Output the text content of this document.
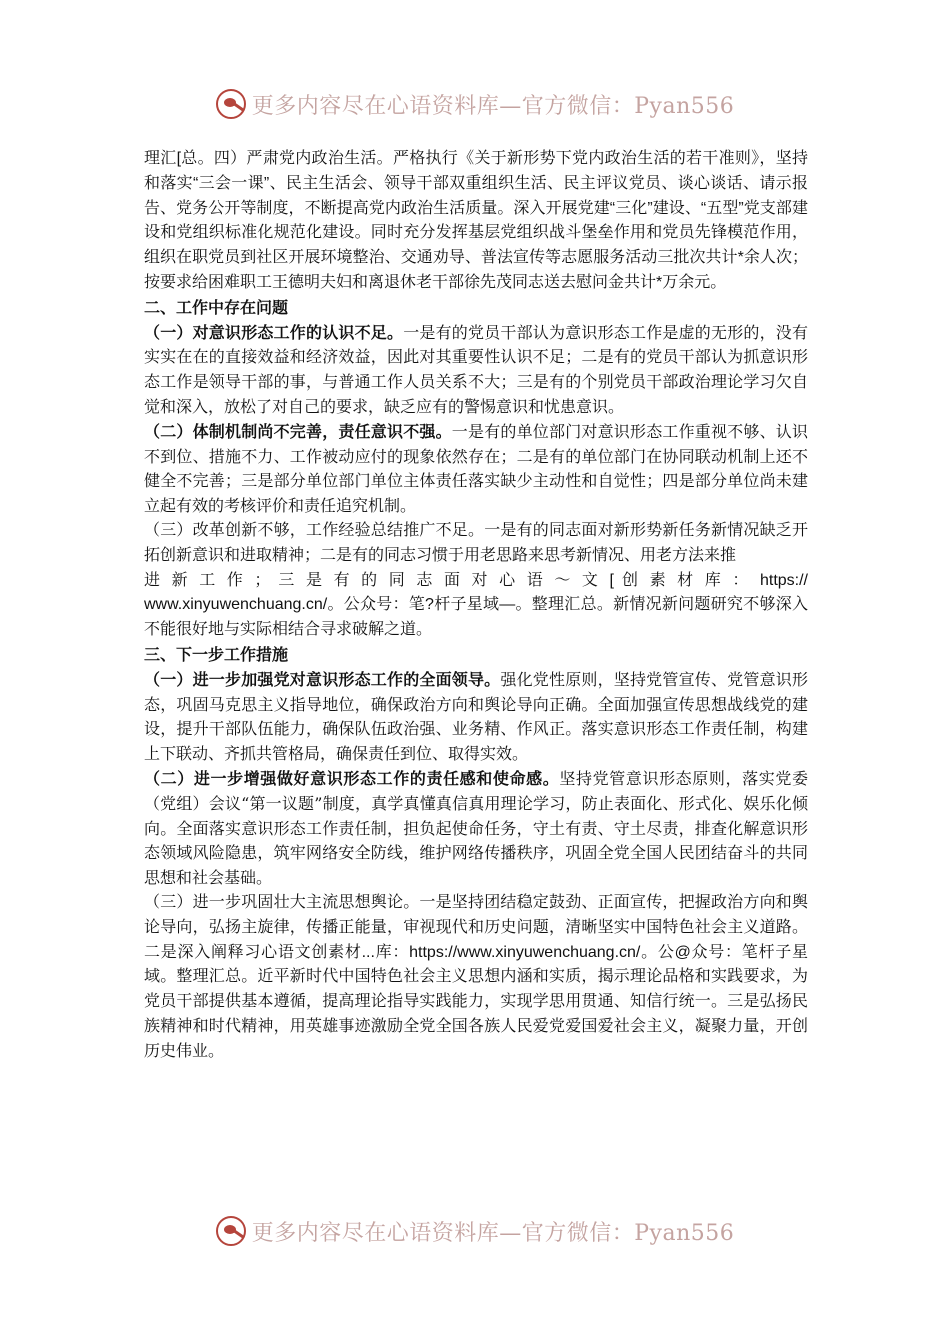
更多内容尽在心语资料库—官方微信：Pyan556

理汇[总。四）严肃党内政治生活。严格执行《关于新形势下党内政治生活的若干准则》，坚持和落实“三会一课”、民主生活会、领导干部双重组织生活、民主评议党员、谈心谈话、请示报告、党务公开等制度，不断提高党内政治生活质量。深入开展党建“三化”建设、“五型”党支部建设和党组织标准化规范化建设。同时充分发挥基层党组织战斗堡垒作用和党员先锋模范作用，组织在职党员到社区开展环境整治、交通劝导、普法宣传等志愿服务活动三批次共计*余人次；按要求给困难职工王德明夫妇和离退休老干部徐先茂同志送去慰问金共计*万余元。

二、工作中存在问题

（一）对意识形态工作的认识不足。一是有的党员干部认为意识形态工作是虚的无形的，没有实实在在的直接效益和经济效益，因此对其重要性认识不足；二是有的党员干部认为抓意识形态工作是领导干部的事，与普通工作人员关系不大；三是有的个别党员干部政治理论学习欠自觉和深入，放松了对自己的要求，缺乏应有的警惕意识和忧患意识。

（二）体制机制尚不完善，责任意识不强。一是有的单位部门对意识形态工作重视不够、认识不到位、措施不力、工作被动应付的现象依然存在；二是有的单位部门在协同联动机制上还不健全不完善；三是部分单位部门单位主体责任落实缺少主动性和自觉性；四是部分单位尚未建立起有效的考核评价和责任追究机制。

（三）改革创新不够，工作经验总结推广不足。一是有的同志面对新形势新任务新情况缺乏开拓创新意识和进取精神；二是有的同志习惯于用老思路来思考新情况、用老方法来推

进 新 工 作 ； 三 是 有 的 同 志 面 对 心 语 ～ 文 [ 创 素 材 库 ： https://

www.xinyuwenchuang.cn/。公众号：笔?杆子星域—。整理汇总。新情况新问题研究不够深入不能很好地与实际相结合寻求破解之道。

三、下一步工作措施

（一）进一步加强党对意识形态工作的全面领导。强化党性原则，坚持党管宣传、党管意识形态，巩固马克思主义指导地位，确保政治方向和舆论导向正确。全面加强宣传思想战线党的建设，提升干部队伍能力，确保队伍政治强、业务精、作风正。落实意识形态工作责任制，构建上下联动、齐抓共管格局，确保责任到位、取得实效。

（二）进一步增强做好意识形态工作的责任感和使命感。坚持党管意识形态原则，落实党委（党组）会议“第一议题”制度，真学真懂真信真用理论学习，防止表面化、形式化、娱乐化倾向。全面落实意识形态工作责任制，担负起使命任务，守土有责、守土尽责，排查化解意识形态领域风险隐患，筑牢网络安全防线，维护网络传播秩序，巩固全党全国人民团结奋斗的共同思想和社会基础。

（三）进一步巩固壮大主流思想舆论。一是坚持团结稳定鼓劲、正面宣传，把握政治方向和舆论导向，弘扬主旋律，传播正能量，审视现代和历史问题，清晰坚实中国特色社会主义道路。二是深入阐释习心语文创素材...库：https://www.xinyuwenchuang.cn/。公@众号：笔杆子星域。整理汇总。近平新时代中国特色社会主义思想内涵和实质，揭示理论品格和实践要求，为党员干部提供基本遵循，提高理论指导实践能力，实现学思用贯通、知信行统一。三是弘扬民族精神和时代精神，用英雄事迹激励全党全国各族人民爱党爱国爱社会主义，凝聚力量，开创历史伟业。

更多内容尽在心语资料库—官方微信：Pyan556
